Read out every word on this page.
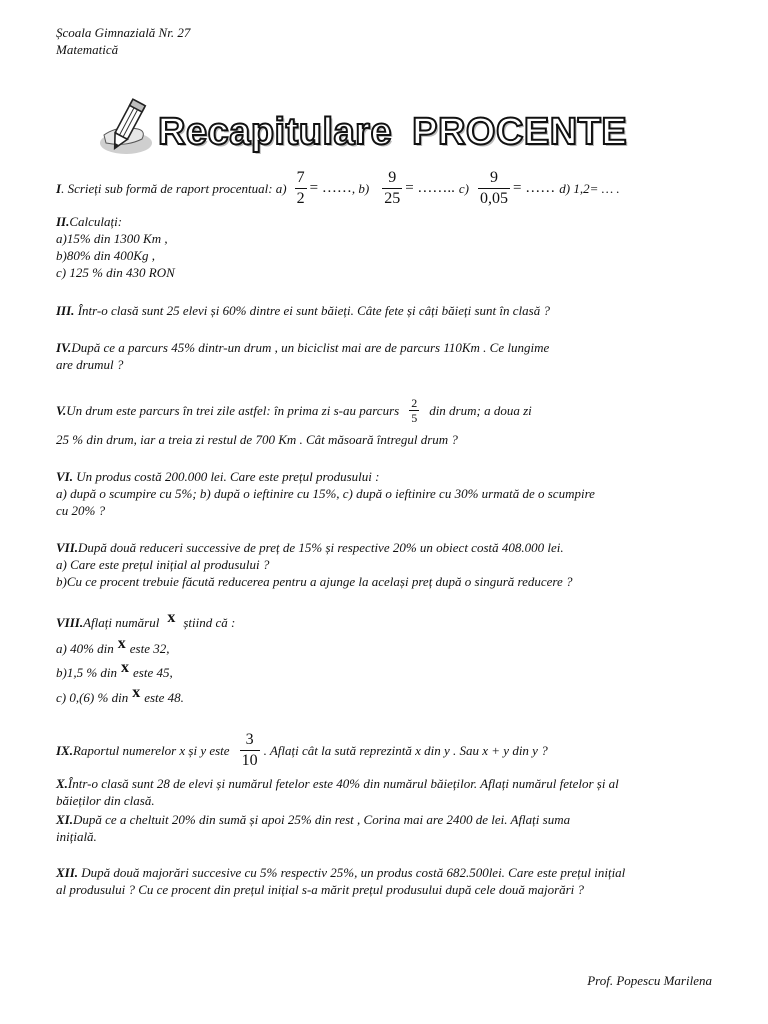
Școala Gimnazială Nr. 27
Matematică
Recapitulare PROCENTE
I . Scrieți sub formă de raport procentual: $a) \frac{7}{2}$ = …… , $b) \frac{9}{25}$ = …….. $c) \frac{9}{0,05}$ = …… d) 1,2= … .
II.Calculați:
a)15% din 1300 Km ,
b)80% din 400Kg ,
c) 125 % din 430 RON
III. Într-o clasă sunt 25 elevi și 60% dintre ei sunt băieți. Câte fete și câți băieți sunt în clasă ?
IV.După ce a parcurs 45% dintr-un drum , un biciclist mai are de parcurs 110Km . Ce lungime
are drumul ?
V. Un drum este parcurs în trei zile astfel: în prima zi s-au parcurs $\frac{2}{5}$ din drum; a doua zi
25 % din drum, iar a treia zi restul de 700 Km . Cât măsoară întregul drum ?
VI. Un produs costă 200.000 lei. Care este prețul produsului :
a) după o scumpire cu 5%; b) după o ieftinire cu 15%, c) după o ieftinire cu 30% urmată de o scumpire
cu 20% ?
VII.După două reduceri successive de preț de 15% și respective 20% un obiect costă 408.000 lei.
a) Care este prețul inițial al produsului ?
b)Cu ce procent trebuie făcută reducerea pentru a ajunge la același preț după o singură reducere ?
VIII.Aflați numărul x știind că :
a) 40% din x este 32,
b)1,5 % din x este 45,
c) 0,(6) % din x este 48.
IX. Raportul numerelor x și y este $\frac{3}{10}$ . Aflați cât la sută reprezintă x din y . Sau x + y din y ?
X.Într-o clasă sunt 28 de elevi și numărul fetelor este 40% din numărul băieților. Aflați numărul fetelor și al
băieților din clasă.
XI.După ce a cheltuit 20% din sumă și apoi 25% din rest , Corina mai are 2400 de lei. Aflați suma
inițială.
XII. După două majorări succesive cu 5% respectiv 25%, un produs costă 682.500lei. Care este prețul inițial
al produsului ? Cu ce procent din prețul inițial s-a mărit prețul produsului după cele două majorări ?
Prof. Popescu Marilena
